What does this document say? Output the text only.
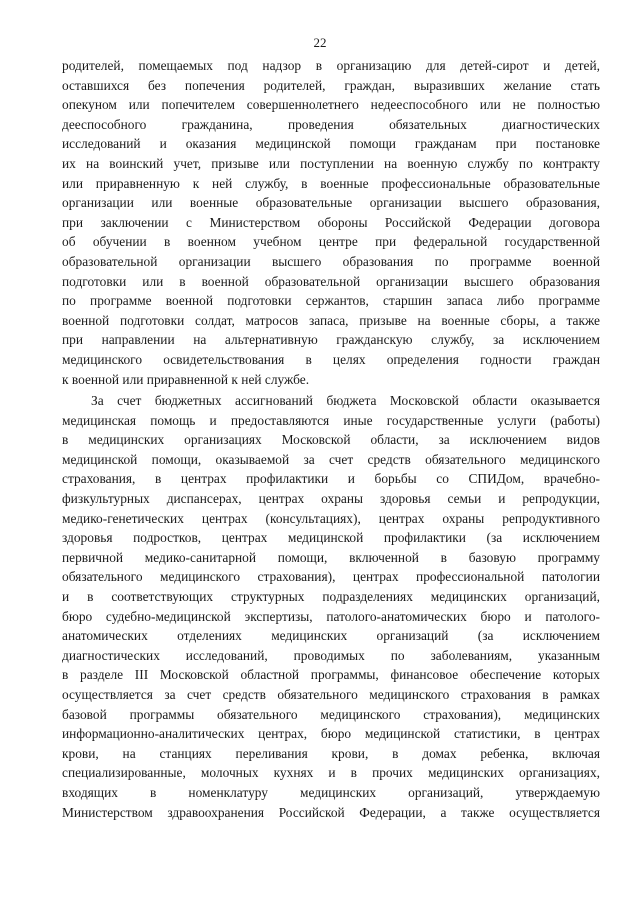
22
родителей, помещаемых под надзор в организацию для детей-сирот и детей,
оставшихся без попечения родителей, граждан, выразивших желание стать
опекуном или попечителем совершеннолетнего недееспособного или не полностью
дееспособного гражданина, проведения обязательных диагностических
исследований и оказания медицинской помощи гражданам при постановке
их на воинский учет, призыве или поступлении на военную службу по контракту
или приравненную к ней службу, в военные профессиональные образовательные
организации или военные образовательные организации высшего образования,
при заключении с Министерством обороны Российской Федерации договора
об обучении в военном учебном центре при федеральной государственной
образовательной организации высшего образования по программе военной
подготовки или в военной образовательной организации высшего образования
по программе военной подготовки сержантов, старшин запаса либо программе
военной подготовки солдат, матросов запаса, призыве на военные сборы, а также
при направлении на альтернативную гражданскую службу, за исключением
медицинского освидетельствования в целях определения годности граждан
к военной или приравненной к ней службе.
За счет бюджетных ассигнований бюджета Московской области оказывается
медицинская помощь и предоставляются иные государственные услуги (работы)
в медицинских организациях Московской области, за исключением видов
медицинской помощи, оказываемой за счет средств обязательного медицинского
страхования, в центрах профилактики и борьбы со СПИДом, врачебно-
физкультурных диспансерах, центрах охраны здоровья семьи и репродукции,
медико-генетических центрах (консультациях), центрах охраны репродуктивного
здоровья подростков, центрах медицинской профилактики (за исключением
первичной медико-санитарной помощи, включенной в базовую программу
обязательного медицинского страхования), центрах профессиональной патологии
и в соответствующих структурных подразделениях медицинских организаций,
бюро судебно-медицинской экспертизы, патолого-анатомических бюро и патолого-
анатомических отделениях медицинских организаций (за исключением
диагностических исследований, проводимых по заболеваниям, указанным
в разделе III Московской областной программы, финансовое обеспечение которых
осуществляется за счет средств обязательного медицинского страхования в рамках
базовой программы обязательного медицинского страхования), медицинских
информационно-аналитических центрах, бюро медицинской статистики, в центрах
крови, на станциях переливания крови, в домах ребенка, включая
специализированные, молочных кухнях и в прочих медицинских организациях,
входящих в номенклатуру медицинских организаций, утверждаемую
Министерством здравоохранения Российской Федерации, а также осуществляется
